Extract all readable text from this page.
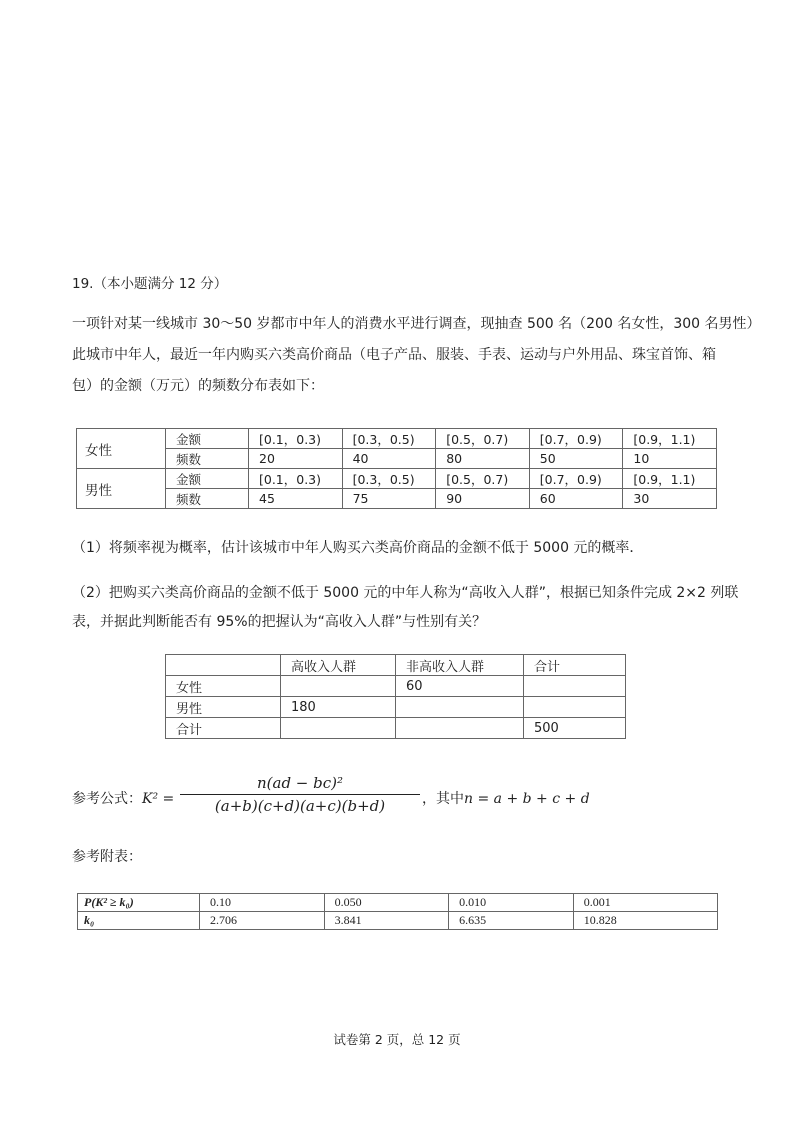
19.（本小题满分 12 分）
一项针对某一线城市 30～50 岁都市中年人的消费水平进行调查，现抽查 500 名（200 名女性，300 名男性）
此城市中年人，最近一年内购买六类高价商品（电子产品、服装、手表、运动与户外用品、珠宝首饰、箱
包）的金额（万元）的频数分布表如下：
女性	金额	[0.1，0.3)	[0.3，0.5)	[0.5，0.7)	[0.7，0.9)	[0.9，1.1)
	频数	20	40	80	50	10
男性	金额	[0.1，0.3)	[0.3，0.5)	[0.5，0.7)	[0.7，0.9)	[0.9，1.1)
	频数	45	75	90	60	30
（1）将频率视为概率，估计该城市中年人购买六类高价商品的金额不低于 5000 元的概率．
（2）把购买六类高价商品的金额不低于 5000 元的中年人称为“高收入人群”，根据已知条件完成 2×2 列联
表，并据此判断能否有 95%的把握认为“高收入人群”与性别有关？
	高收入人群	非高收入人群	合计
女性		60	
男性	180		
合计			500
参考公式：$K^2 = \frac{\text{n(ad − bc)²}}{(a+b)(c+d)(a+c)(b+d)}$ ，其中n = a + b + c + d
参考附表：
P(K² ≥ k₀)	0.10	0.050	0.010	0.001
k₀	2.706	3.841	6.635	10.828
试卷第 2 页，总 12 页
